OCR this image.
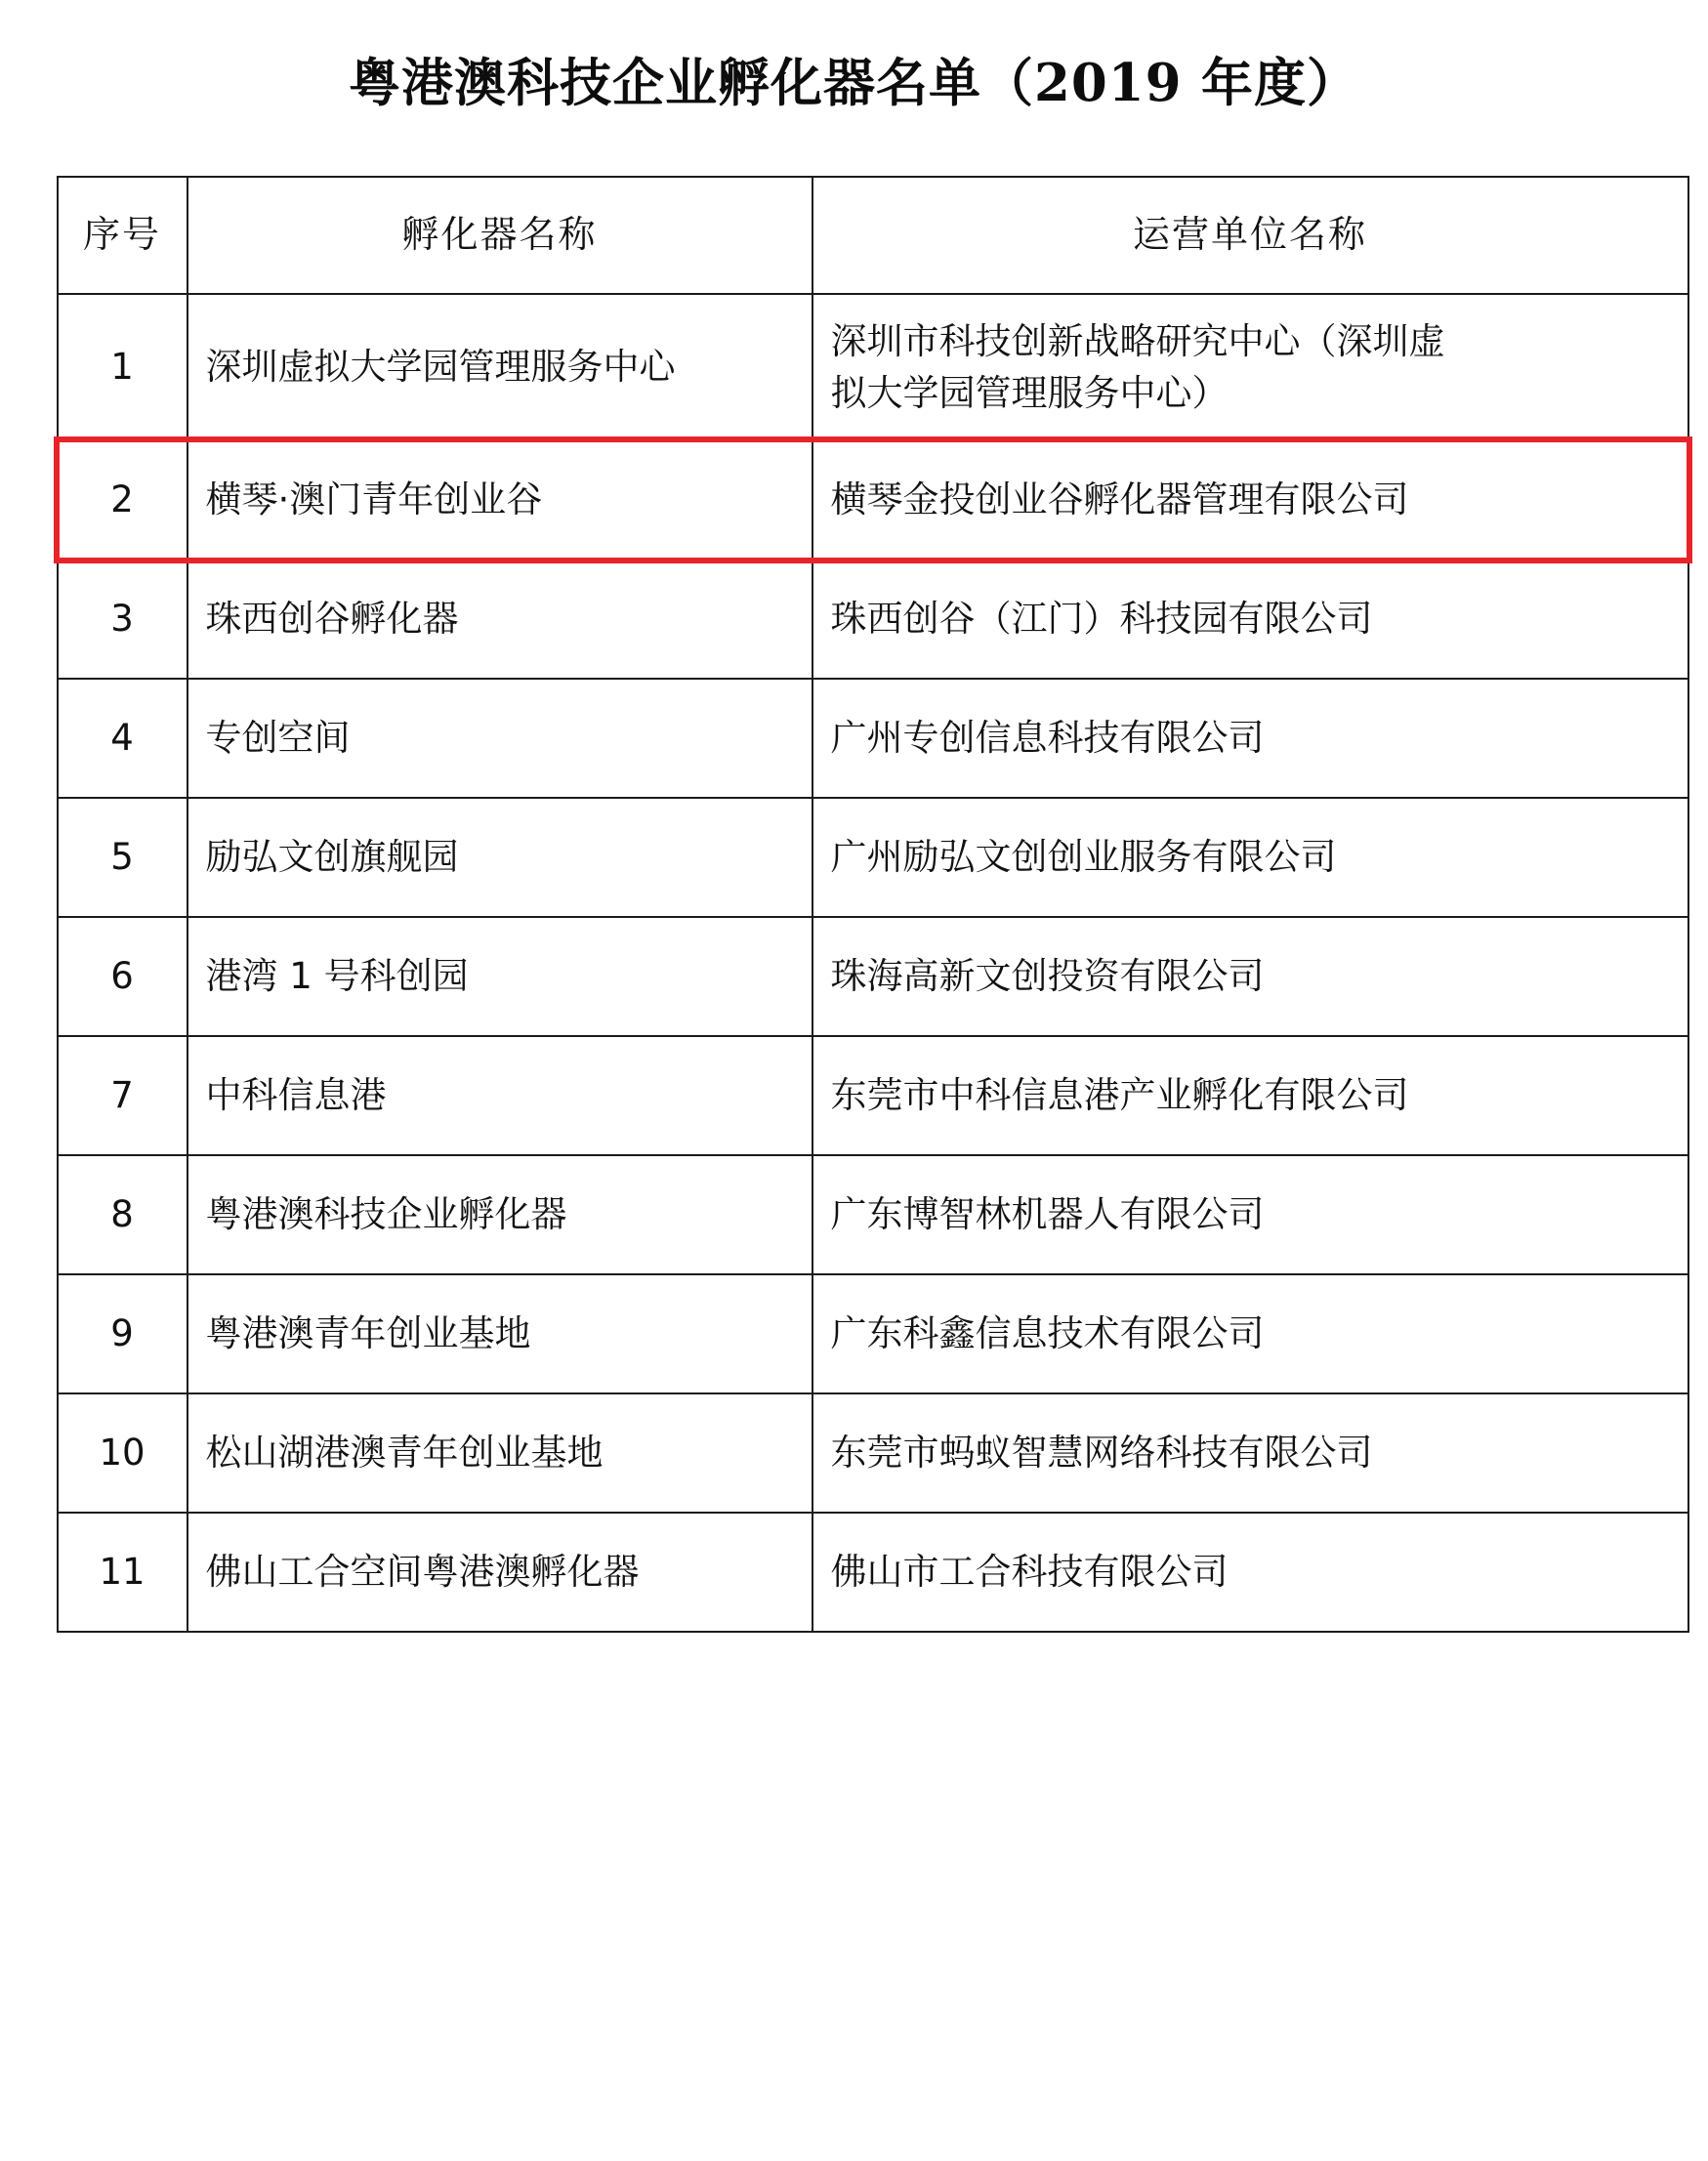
粤港澳科技企业孵化器名单（2019 年度）
序号	孵化器名称	运营单位名称
1	深圳虚拟大学园管理服务中心	深圳市科技创新战略研究中心（深圳虚
拟大学园管理服务中心）

2	横琴·澳门青年创业谷	横琴金投创业谷孵化器管理有限公司
3	珠西创谷孵化器	珠西创谷（江门）科技园有限公司
4	专创空间	广州专创信息科技有限公司
5	励弘文创旗舰园	广州励弘文创创业服务有限公司
6	港湾 1 号科创园	珠海高新文创投资有限公司
7	中科信息港	东莞市中科信息港产业孵化有限公司
8	粤港澳科技企业孵化器	广东博智林机器人有限公司
9	粤港澳青年创业基地	广东科鑫信息技术有限公司
10	松山湖港澳青年创业基地	东莞市蚂蚁智慧网络科技有限公司
11	佛山工合空间粤港澳孵化器	佛山市工合科技有限公司
